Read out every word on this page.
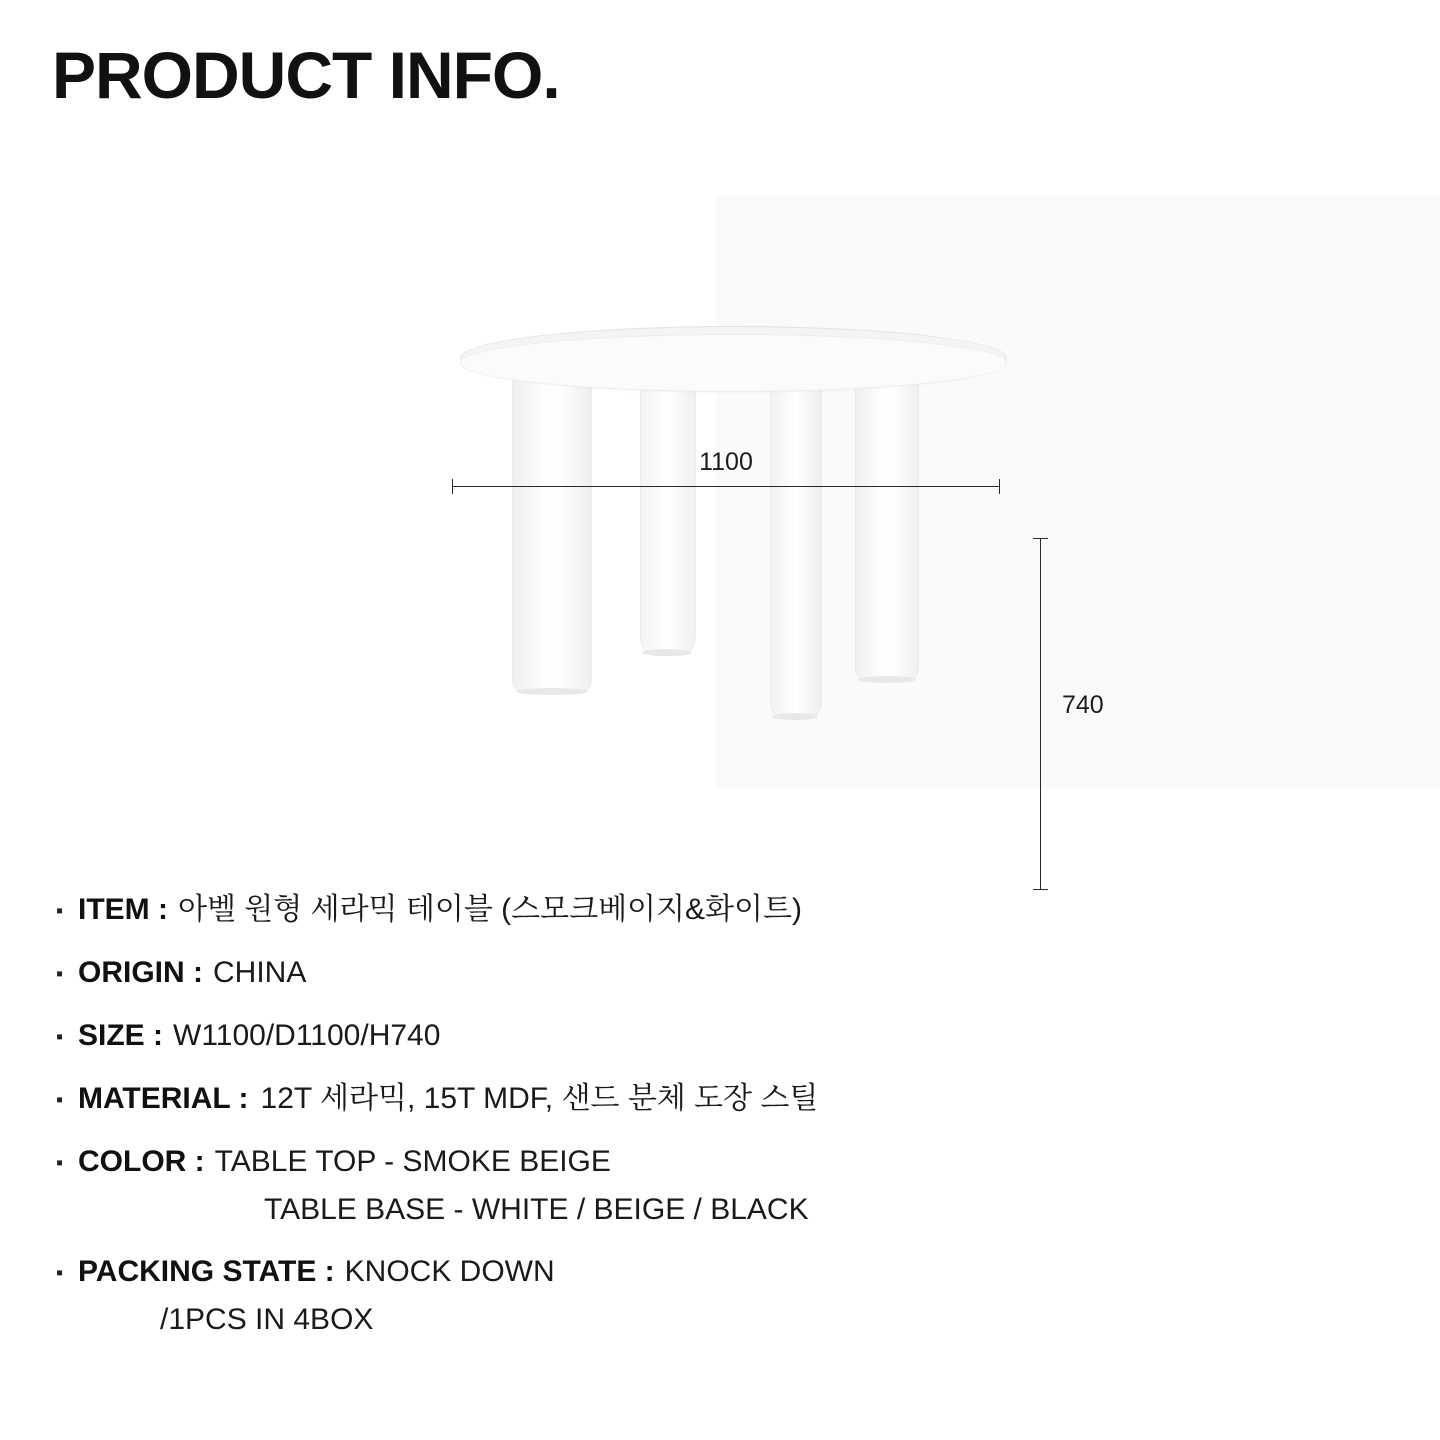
PRODUCT INFO.
1100
740
▪ ITEM : 아벨 원형 세라믹 테이블 (스모크베이지&화이트)
▪ ORIGIN : CHINA
▪ SIZE : W1100/D1100/H740
▪ MATERIAL : 12T 세라믹, 15T MDF, 샌드 분체 도장 스틸
▪ COLOR : TABLE TOP - SMOKE BEIGE
TABLE BASE - WHITE / BEIGE / BLACK
▪ PACKING STATE : KNOCK DOWN
/1PCS IN 4BOX
